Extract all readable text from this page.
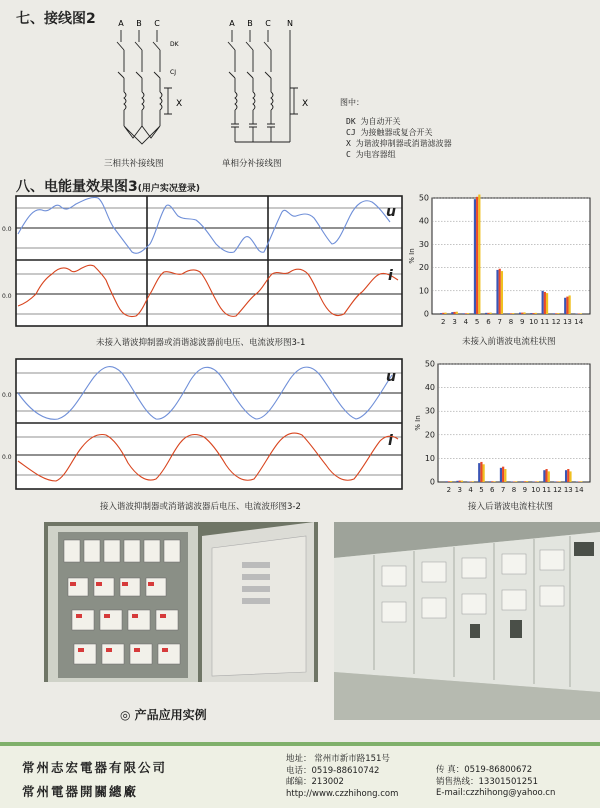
七、接线图2	A B C
DK
CJ
X
三相共补接线图
A B C N
X
单相分补接线图
图中：
DK 为自动开关
CJ 为接触器或复合开关
X 为谐波抑制器或消谐滤波器
C 为电容器组
八、电能量效果图3(用户实况登录)
0.0
0.0
u
i
未接入谐波抑制器或消谐滤波器前电压、电流波形图3-1
0
10
20
30
40
50
% In
2 3 4 5 6 7 8 9 10 11 12 13 14
未接入前谐波电流柱状图
0.0
0.0
u
i
接入谐波抑制器或消谐滤波器后电压、电流波形图3-2
0
10
20
30
40
50
% In
2 3 4 5 6 7 8 9 10 11 12 13 14
接入后谐波电流柱状图
◎ 产品应用实例
常州志宏電器有限公司
常州電器開關總廠
地址： 常州市新市路151号
电话：0519-88610742
邮编：213002
http://www.czzhihong.com
传 真：0519-86800672
销售热线：13301501251
E-mail:czzhihong@yahoo.cn
